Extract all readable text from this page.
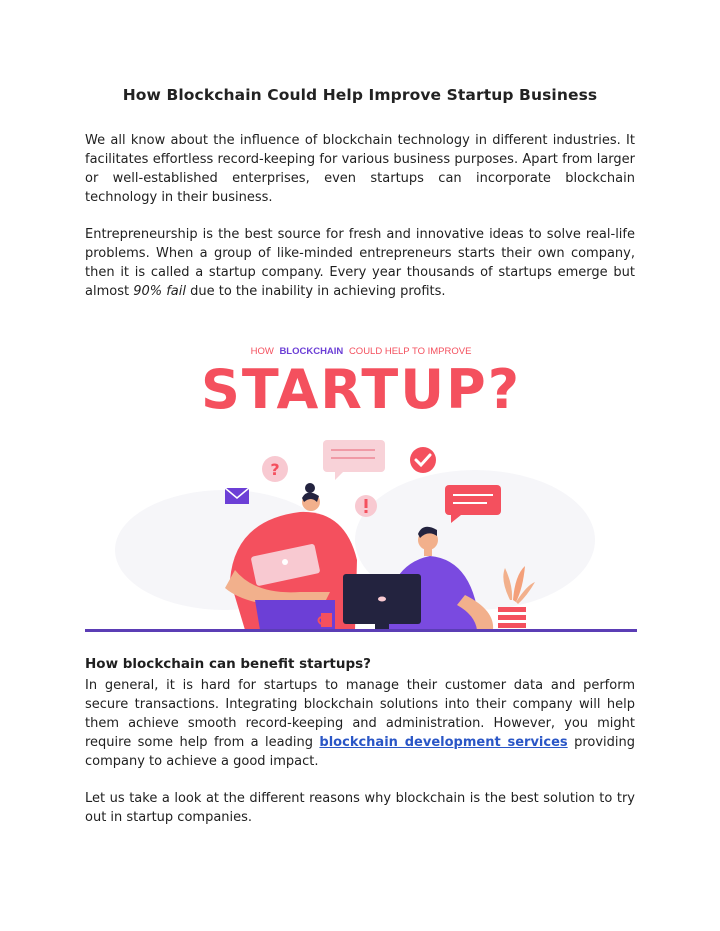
How Blockchain Could Help Improve Startup Business

We all know about the influence of blockchain technology in different industries. It facilitates effortless record-keeping for various business purposes. Apart from larger or well-established enterprises, even startups can incorporate blockchain technology in their business.

Entrepreneurship is the best source for fresh and innovative ideas to solve real-life problems. When a group of like-minded entrepreneurs starts their own company, then it is called a startup company. Every year thousands of startups emerge but almost 90% fail due to the inability in achieving profits.

HOW BLOCKCHAIN COULD HELP TO IMPROVE
STARTUP?
?
How blockchain can benefit startups?

In general, it is hard for startups to manage their customer data and perform secure transactions. Integrating blockchain solutions into their company will help them achieve smooth record-keeping and administration. However, you might require some help from a leading blockchain development services providing company to achieve a good impact.

Let us take a look at the different reasons why blockchain is the best solution to try out in startup companies.
